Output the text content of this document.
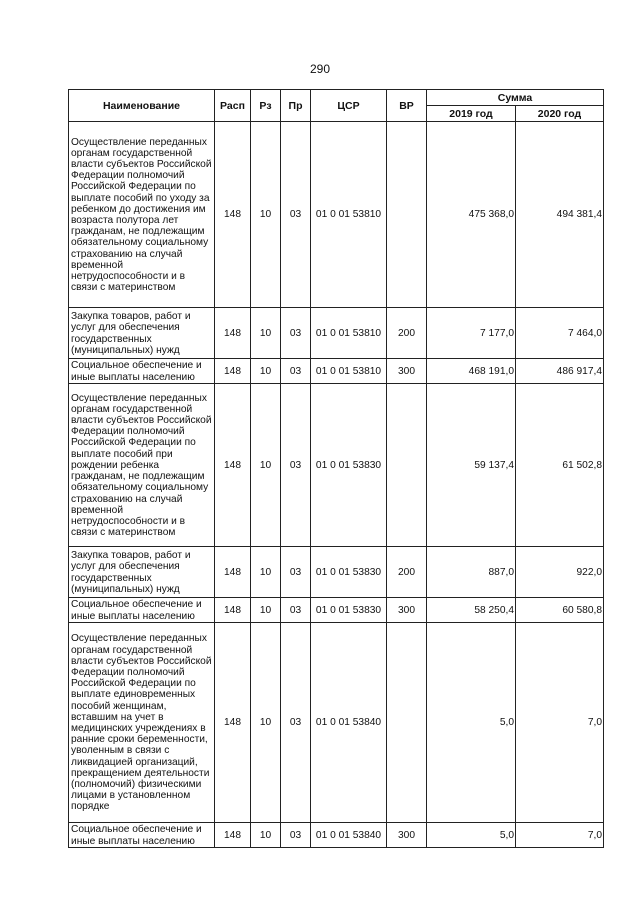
290
Наименование	Расп	Рз	Пр	ЦСР	ВР	Сумма	
						2019 год	2020 год
Осуществление переданных органам государственной власти субъектов Российской Федерации полномочий Российской Федерации по выплате пособий по уходу за ребенком до достижения им возраста полутора лет гражданам, не подлежащим обязательному социальному страхованию на случай временной нетрудоспособности и в связи с материнством	148	10	03	01 0 01 53810		475 368,0	494 381,4
Закупка товаров, работ и услуг для обеспечения государственных (муниципальных) нужд	148	10	03	01 0 01 53810	200	7 177,0	7 464,0
Социальное обеспечение и иные выплаты населению	148	10	03	01 0 01 53810	300	468 191,0	486 917,4
Осуществление переданных органам государственной власти субъектов Российской Федерации полномочий Российской Федерации по выплате пособий при рождении ребенка гражданам, не подлежащим обязательному социальному страхованию на случай временной нетрудоспособности и в связи с материнством	148	10	03	01 0 01 53830		59 137,4	61 502,8
Закупка товаров, работ и услуг для обеспечения государственных (муниципальных) нужд	148	10	03	01 0 01 53830	200	887,0	922,0
Социальное обеспечение и иные выплаты населению	148	10	03	01 0 01 53830	300	58 250,4	60 580,8
Осуществление переданных органам государственной власти субъектов Российской Федерации полномочий Российской Федерации по выплате единовременных пособий женщинам, вставшим на учет в медицинских учреждениях в ранние сроки беременности, уволенным в связи с ликвидацией организаций, прекращением деятельности (полномочий) физическими лицами в установленном порядке	148	10	03	01 0 01 53840		5,0	7,0
Социальное обеспечение и иные выплаты населению	148	10	03	01 0 01 53840	300	5,0	7,0
